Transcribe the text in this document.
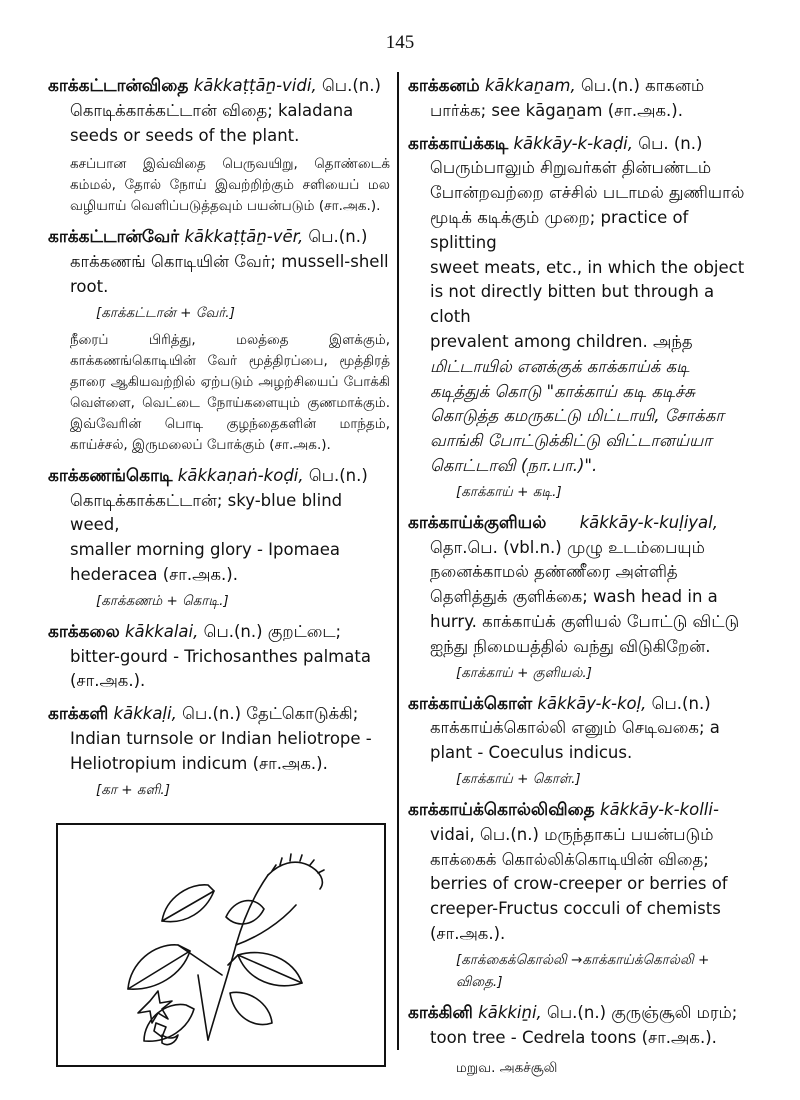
145
காக்கட்டான்விதை kākkaṭṭāṉ-vidi, பெ.(n.)
கொடிக்காக்கட்டான் விதை; kaladana
seeds or seeds of the plant.
கசப்பான இவ்விதை பெருவயிறு, தொண்டைக் கம்மல், தோல் நோய் இவற்றிற்கும் சளியைப் மல வழியாய் வெளிப்படுத்தவும் பயன்படும் (சா.அக.).
காக்கட்டான்வேர் kākkaṭṭāṉ-vēr, பெ.(n.)
காக்கணங் கொடியின் வேர்; mussell-shell
root.
[காக்கட்டான் + வேர்.]
நீரைப் பிரித்து, மலத்தை இளக்கும், காக்கணங்கொடியின் வேர் மூத்திரப்பை, மூத்திரத் தாரை ஆகியவற்றில் ஏற்படும் அழற்சியைப் போக்கி வெள்ளை, வெட்டை நோய்களையும் குணமாக்கும். இவ்வேரின் பொடி குழந்தைகளின் மாந்தம், காய்ச்சல், இருமலைப் போக்கும் (சா.அக.).
காக்கணங்கொடி kākkaṇaṅ-koḍi, பெ.(n.)
கொடிக்காக்கட்டான்; sky-blue blind weed,
smaller morning glory - Ipomaea
hederacea (சா.அக.).
[காக்கணம் + கொடி.]
காக்கலை kākkalai, பெ.(n.) குறட்டை;
bitter-gourd - Trichosanthes palmata
(சா.அக.).
காக்களி kākkaḷi, பெ.(n.) தேட்கொடுக்கி;
Indian turnsole or Indian heliotrope -
Heliotropium indicum (சா.அக.).
[கா + களி.]
காக்கனம் kākkaṉam, பெ.(n.) காகனம்
பார்க்க; see kāgaṉam (சா.அக.).
காக்காய்க்கடி kākkāy-k-kaḍi, பெ. (n.)
பெரும்பாலும் சிறுவர்கள் தின்பண்டம்
போன்றவற்றை எச்சில் படாமல் துணியால்
மூடிக் கடிக்கும் முறை; practice of splitting
sweet meats, etc., in which the object
is not directly bitten but through a cloth
prevalent among children. அந்த
மிட்டாயில் எனக்குக் காக்காய்க் கடி
கடித்துக் கொடு "காக்காய் கடி கடிச்சு
கொடுத்த கமருகட்டு மிட்டாயி, சோக்கா
வாங்கி போட்டுக்கிட்டு விட்டானய்யா
கொட்டாவி (நா.பா.)".
[காக்காய் + கடி.]
காக்காய்க்குளியல் kākkāy-k-kuḷiyal,
தொ.பெ. (vbl.n.) முழு உடம்பையும்
நனைக்காமல் தண்ணீரை அள்ளித்
தெளித்துக் குளிக்கை; wash head in a
hurry. காக்காய்க் குளியல் போட்டு விட்டு
ஐந்து நிமையத்தில் வந்து விடுகிறேன்.
[காக்காய் + குளியல்.]
காக்காய்க்கொள் kākkāy-k-koḷ, பெ.(n.)
காக்காய்க்கொல்லி எனும் செடிவகை; a
plant - Coeculus indicus.
[காக்காய் + கொள்.]
காக்காய்க்கொல்லிவிதை kākkāy-k-kolli-
vidai, பெ.(n.) மருந்தாகப் பயன்படும்
காக்கைக் கொல்லிக்கொடியின் விதை;
berries of crow-creeper or berries of
creeper-Fructus cocculi of chemists
(சா.அக.).
[காக்கைக்கொல்லி →காக்காய்க்கொல்லி + விதை.]
காக்கினி kākkiṉi, பெ.(n.) குருஞ்சூலி மரம்;
toon tree - Cedrela toons (சா.அக.).
மறுவ. அகச்சூலி
